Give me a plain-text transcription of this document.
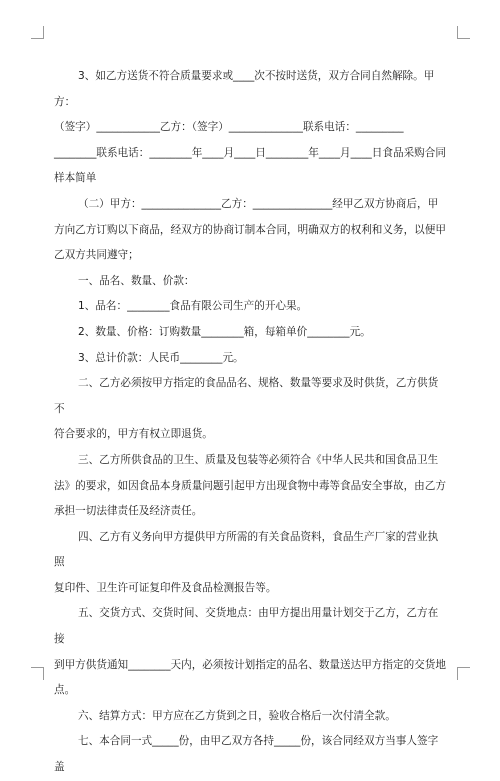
3、如乙方送货不符合质量要求或____次不按时送货，双方合同自然解除。甲方：
（签字）____________乙方：（签字）______________联系电话：_________
________联系电话：________年____月____日________年____月____日食品采购合同
样本简单

（二）甲方：_______________乙方：_______________经甲乙双方协商后，甲
方向乙方订购以下商品，经双方的协商订制本合同，明确双方的权利和义务，以便甲
乙双方共同遵守；

一、品名、数量、价款：

1、品名：________食品有限公司生产的开心果。

2、数量、价格：订购数量________箱，每箱单价________元。

3、总计价款：人民币________元。

二、乙方必须按甲方指定的食品品名、规格、数量等要求及时供货，乙方供货不
符合要求的，甲方有权立即退货。

三、乙方所供食品的卫生、质量及包装等必须符合《中华人民共和国食品卫生
法》的要求，如因食品本身质量问题引起甲方出现食物中毒等食品安全事故，由乙方
承担一切法律责任及经济责任。

四、乙方有义务向甲方提供甲方所需的有关食品资料，食品生产厂家的营业执照
复印件、卫生许可证复印件及食品检测报告等。

五、交货方式、交货时间、交货地点：由甲方提出用量计划交于乙方，乙方在接
到甲方供货通知________天内，必须按计划指定的品名、数量送达甲方指定的交货地
点。

六、结算方式：甲方应在乙方货到之日，验收合格后一次付清全款。

七、本合同一式_____份，由甲乙双方各持_____份，该合同经双方当事人签字盖
